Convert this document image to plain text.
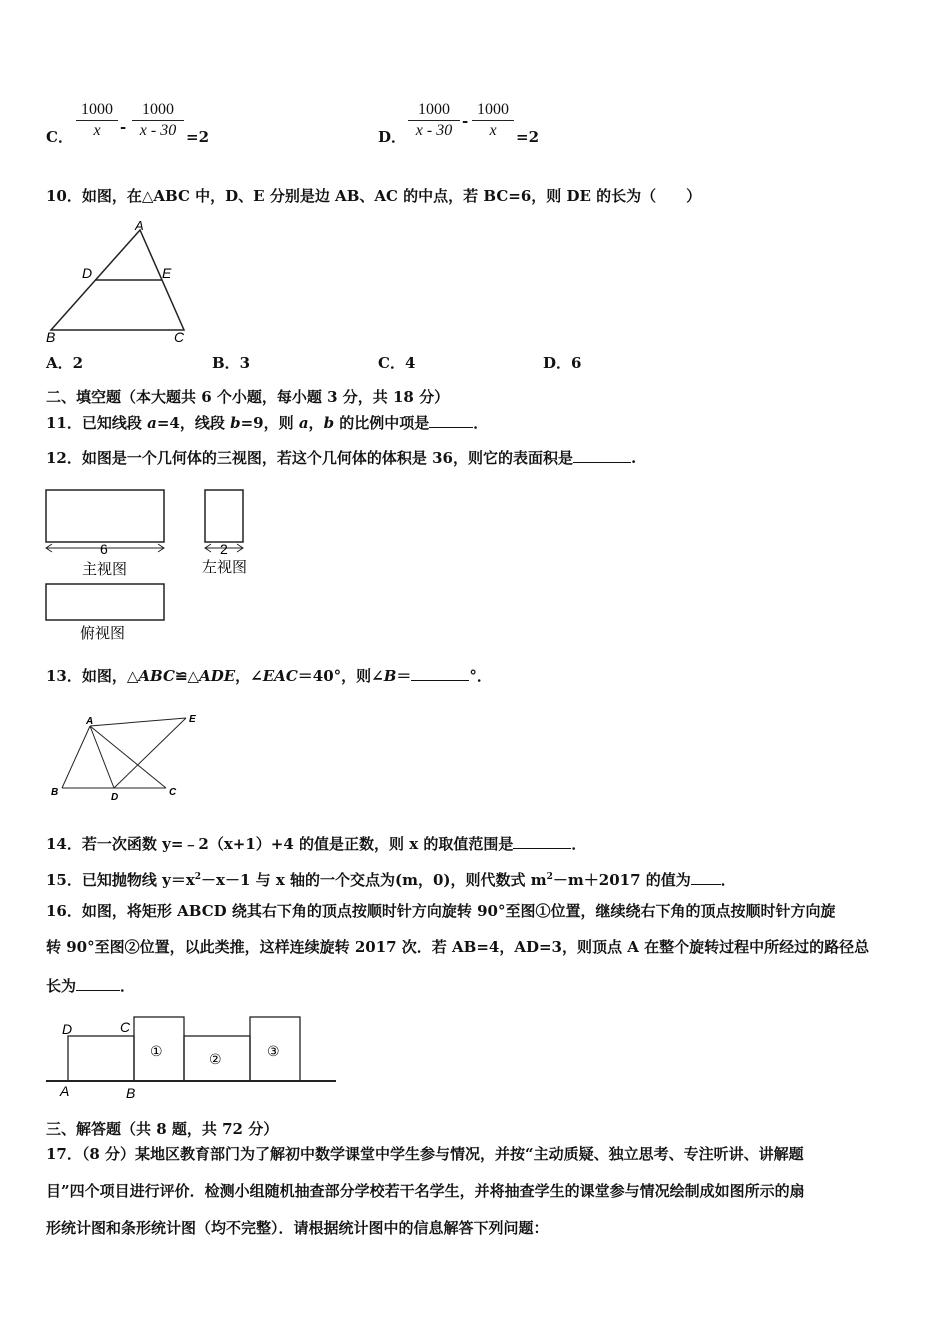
C． $\frac{1000}{x} - \frac{1000}{x - 30} =2$	D． $\frac{1000}{x - 30} - \frac{1000}{x} =2$
10．如图，在△ABC 中，D、E 分别是边 AB、AC 的中点，若 BC=6，则 DE 的长为（　　）
A
D	E
B	C
A．2	B．3	C．4	D．6
二、填空题（本大题共 6 个小题，每小题 3 分，共 18 分）
11．已知线段 a=4，线段 b=9，则 a，b 的比例中项是	．
12．如图是一个几何体的三视图，若这个几何体的体积是 36，则它的表面积是	.
6
主视图
2
左视图
俯视图
13．如图，△ABC≌△ADE，∠EAC＝40°，则∠B＝	°．
A	E
B	D	C
14．若一次函数 y=﹣2（x+1）+4 的值是正数，则 x 的取值范围是	．
15．已知抛物线 $y=x^2-x-1$ 与 x 轴的一个交点为(m，0)，则代数式 $m^2-m+2017$ 的值为 ．
16．如图，将矩形 ABCD 绕其右下角的顶点按顺时针方向旋转 90°至图①位置，继续绕右下角的顶点按顺时针方向旋
转 90°至图②位置，以此类推，这样连续旋转 2017 次．若 AB=4，AD=3，则顶点 A 在整个旋转过程中所经过的路径总
长为	．
D	C
A	B
①	②	③
三、解答题（共 8 题，共 72 分）
17．（8 分）某地区教育部门为了解初中数学课堂中学生参与情况，并按“主动质疑、独立思考、专注听讲、讲解题
目”四个项目进行评价．检测小组随机抽查部分学校若干名学生，并将抽查学生的课堂参与情况绘制成如图所示的扇
形统计图和条形统计图（均不完整）．请根据统计图中的信息解答下列问题：
